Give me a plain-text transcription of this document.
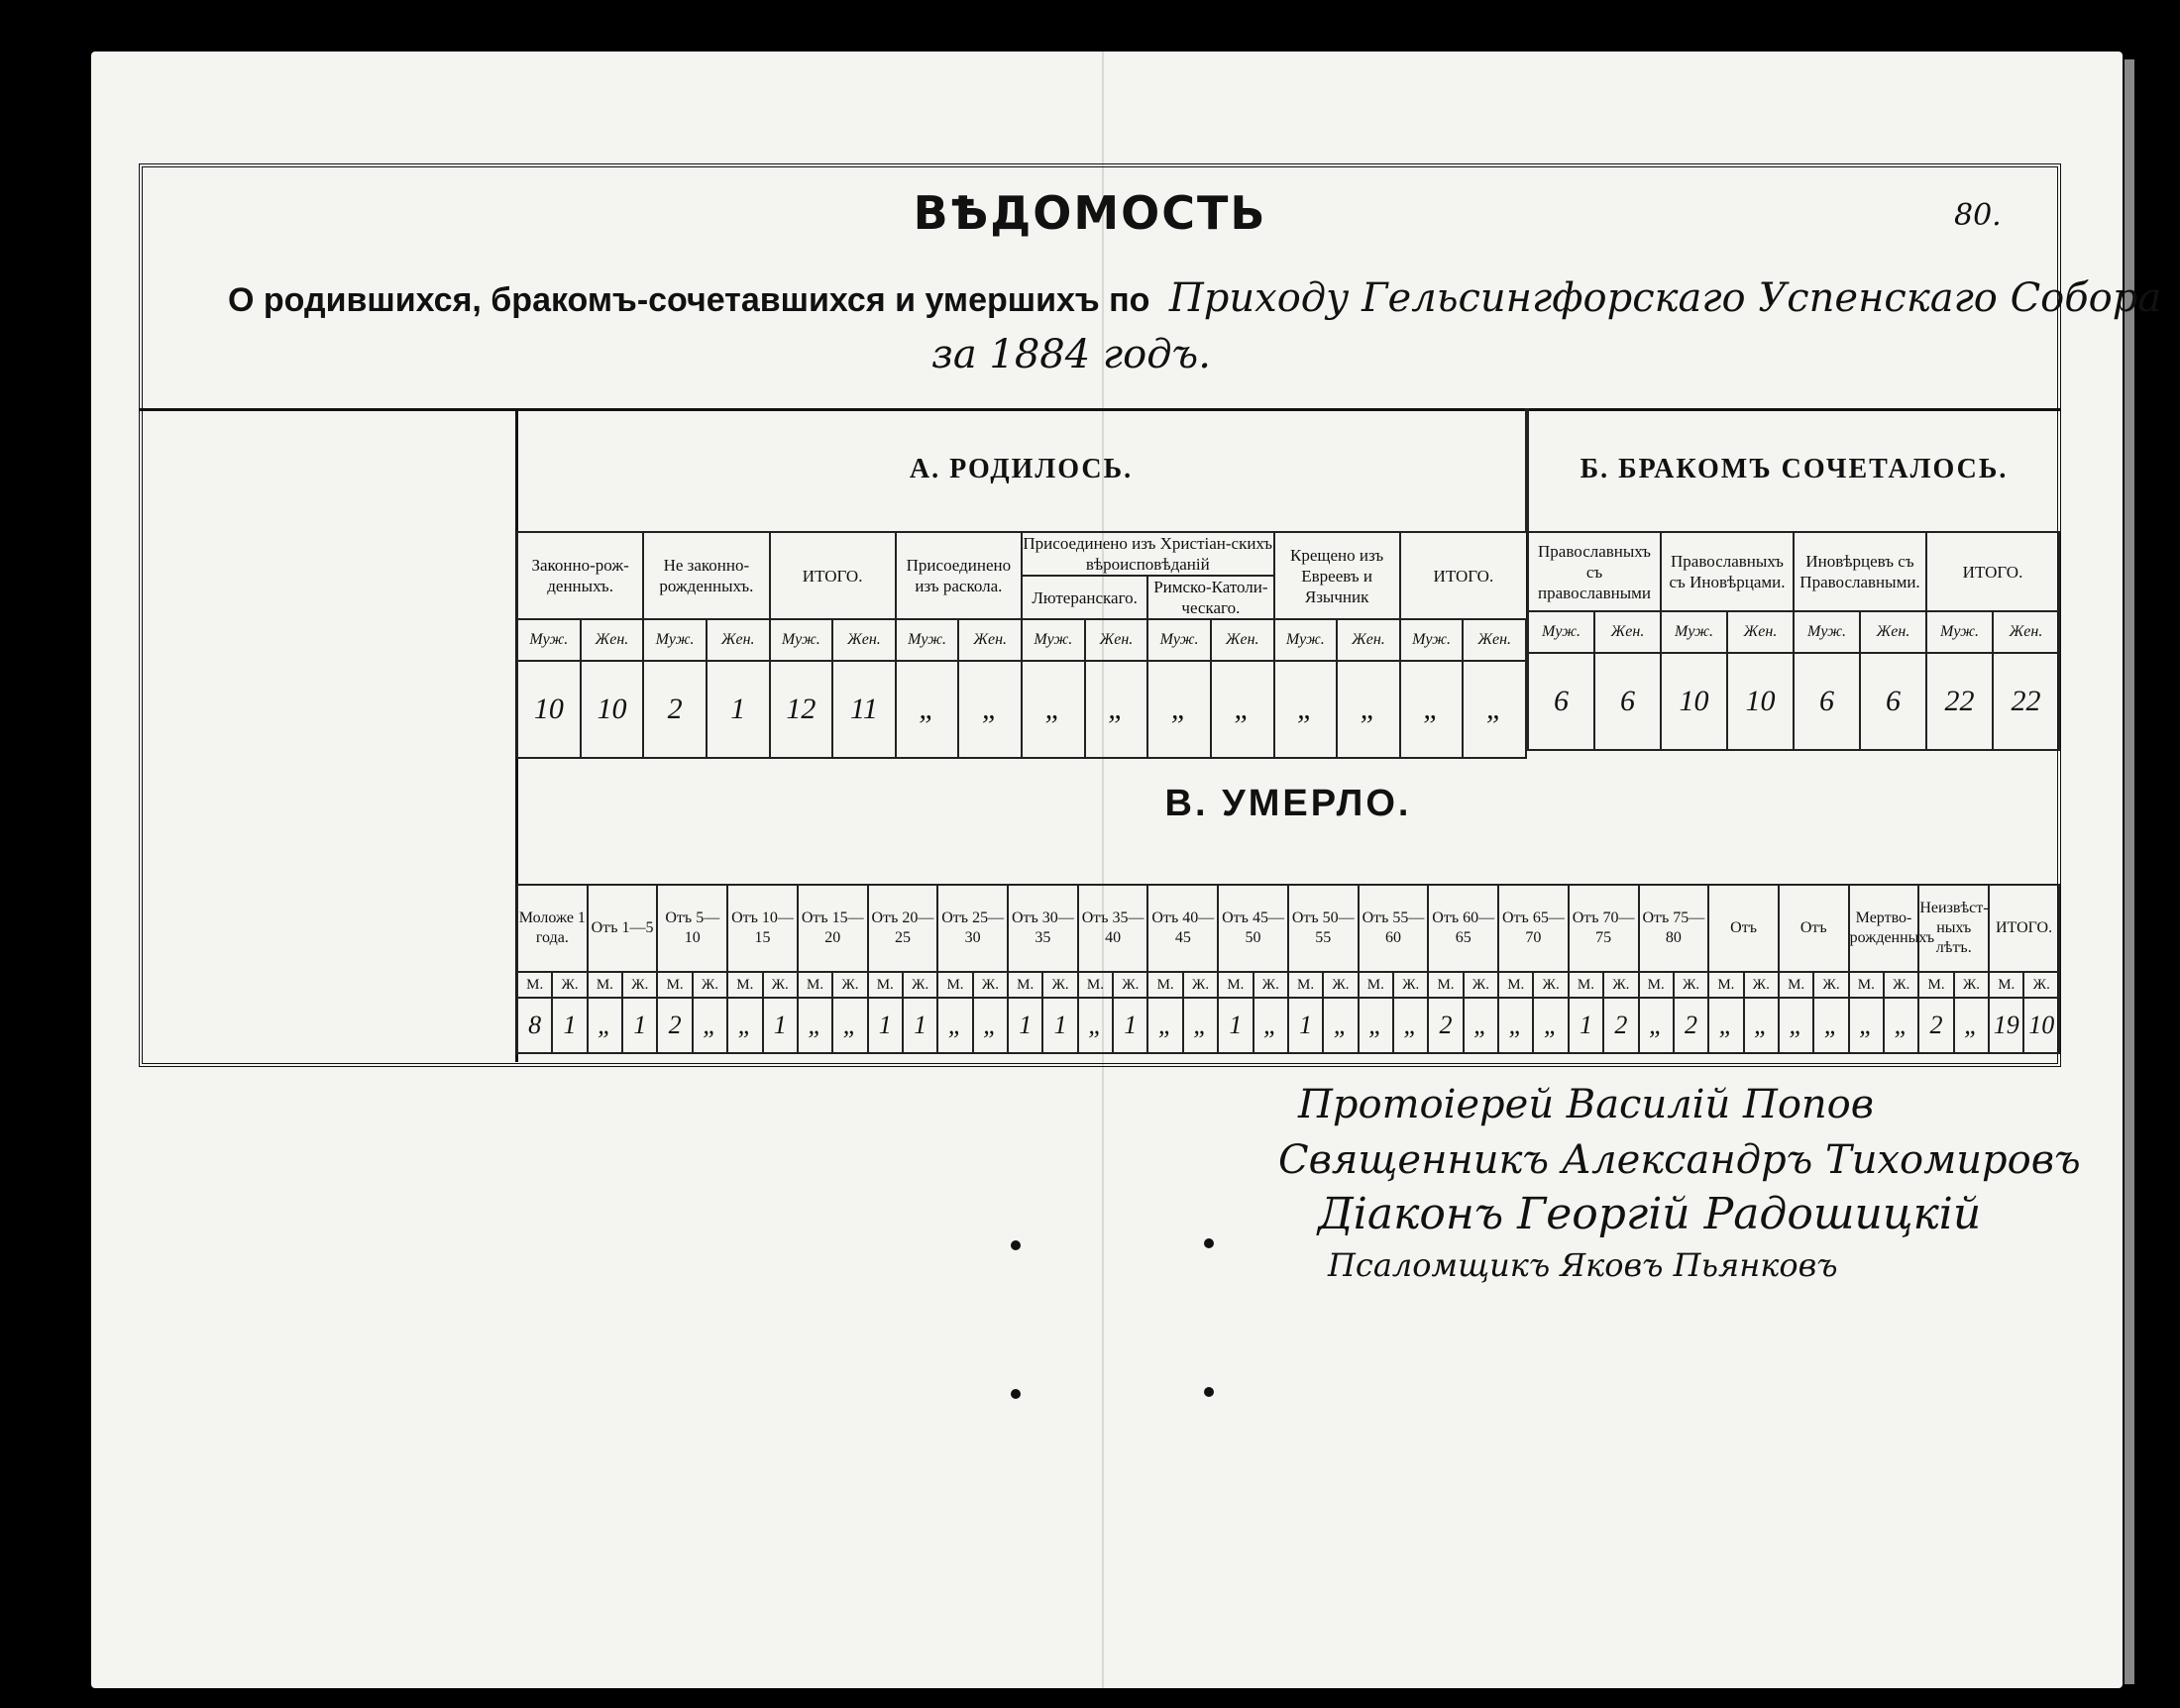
ВѢДОМОСТЬ	80.
О родившихся, бракомъ-сочетавшихся и умершихъ по Приходу Гельсингфорскаго Успенскаго Собора
за 1884 годъ.
А. РОДИЛОСЬ.															
Законно-рож-денныхъ.		Не законно-рожденныхъ.		ИТОГО.		Присоединено изъ раскола.		Присоединено изъ Христіан-скихъ вѣроисповѣданій				Крещено изъ Евреевъ и Язычник		ИТОГО.	
								Лютеранскаго.		Римско-Католи-ческаго.					
Муж.	Жен.	Муж.	Жен.	Муж.	Жен.	Муж.	Жен.	Муж.	Жен.	Муж.	Жен.	Муж.	Жен.	Муж.	Жен.
10	10	2	1	12	11	„	„	„	„	„	„	„	„	„	„
Б. БРАКОМЪ СОЧЕТАЛОСЬ.							
Православныхъ съ православными		Православныхъ съ Иновѣрцами.		Иновѣрцевъ съ Православными.		ИТОГО.	
Муж.	Жен.	Муж.	Жен.	Муж.	Жен.	Муж.	Жен.
6	6	10	10	6	6	22	22
В. УМЕРЛО.
Моложе 1 года.		Отъ 1—5		Отъ 5—10		Отъ 10—15		Отъ 15—20		Отъ 20—25		Отъ 25—30		Отъ 30—35		Отъ 35—40		Отъ 40—45		Отъ 45—50		Отъ 50—55		Отъ 55—60		Отъ 60—65		Отъ 65—70		Отъ 70—75		Отъ 75—80		Отъ		Отъ		Мертво-рожденныхъ		Неизвѣст-ныхъ лѣтъ.		ИТОГО.	
М.	Ж.	М.	Ж.	М.	Ж.	М.	Ж.	М.	Ж.	М.	Ж.	М.	Ж.	М.	Ж.	М.	Ж.	М.	Ж.	М.	Ж.	М.	Ж.	М.	Ж.	М.	Ж.	М.	Ж.	М.	Ж.	М.	Ж.	М.	Ж.	М.	Ж.	М.	Ж.	М.	Ж.	М.	Ж.
8	1	„	1	2	„	„	1	„	„	1	1	„	„	1	1	„	1	„	„	1	„	1	„	„	„	2	„	„	„	1	2	„	2	„	„	„	„	„	„	2	„	19	10
Протоіерей Василій Попов
Священникъ Александръ Тихомировъ
Діаконъ Георгій Радошицкій
Псаломщикъ Яковъ Пьянковъ
